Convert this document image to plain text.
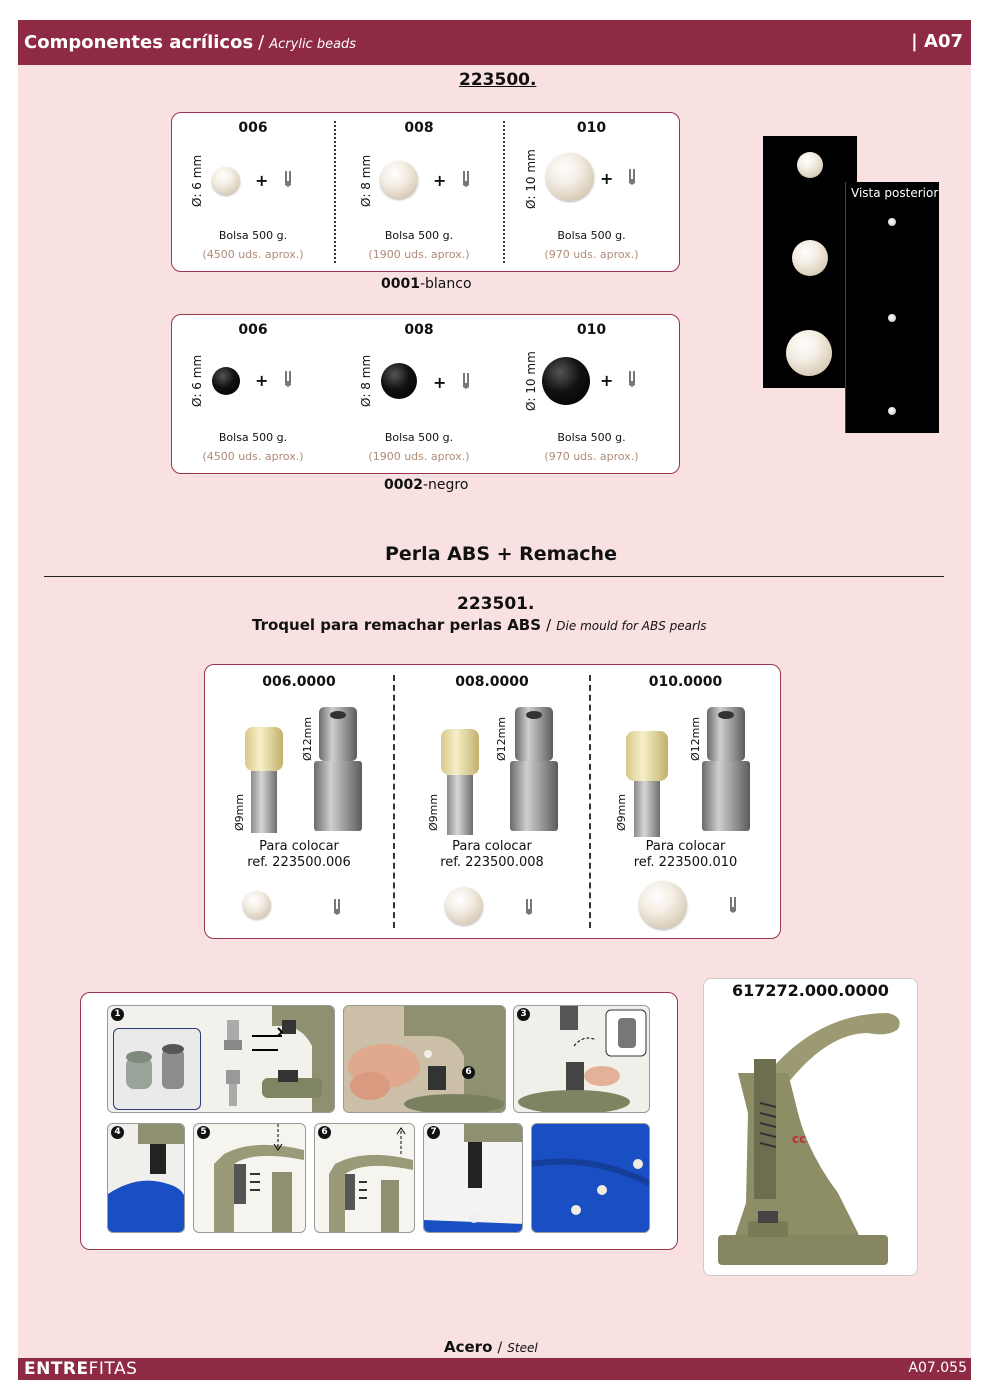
Componentes acrílicos / Acrylic beads	| A07
223500.
006
Ø: 6 mm	+
Bolsa 500 g.
(4500 uds. aprox.)
008
Ø: 8 mm	+
Bolsa 500 g.
(1900 uds. aprox.)
010
Ø: 10 mm	+
Bolsa 500 g.
(970 uds. aprox.)
0001-blanco
006
Ø: 6 mm	+
Bolsa 500 g.
(4500 uds. aprox.)
008
Ø: 8 mm	+
Bolsa 500 g.
(1900 uds. aprox.)
010
Ø: 10 mm	+
Bolsa 500 g.
(970 uds. aprox.)
0002-negro
Vista posterior
Perla ABS + Remache
223501.
Troquel para remachar perlas ABS / Die mould for ABS pearls
006.0000
Ø9mm
Ø12mm
Para colocar
ref. 223500.006
008.0000
Ø9mm
Ø12mm
Para colocar
ref. 223500.008
010.0000
Ø9mm
Ø12mm
Para colocar
ref. 223500.010
1
6
3
4	5	6	7
617272.000.0000
cc
Acero / Steel
ENTREFITAS	A07.055
